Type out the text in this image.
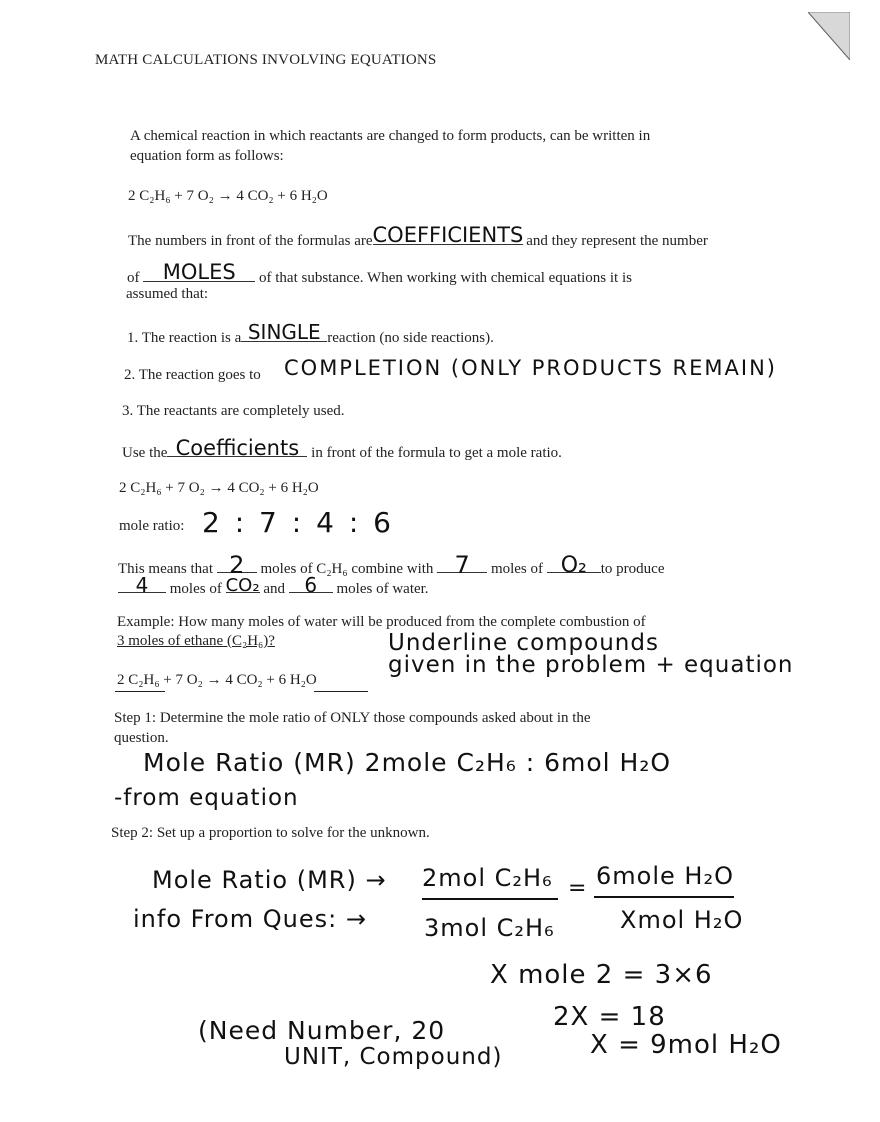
MATH CALCULATIONS INVOLVING EQUATIONS
A chemical reaction in which reactants are changed to form products, can be written in
equation form as follows:
2 C₂H₆ + 7 O₂ → 4 CO₂ + 6 H₂O
The numbers in front of the formulas are COEFFICIENTS and they represent the number
of	MOLES	of that substance. When working with chemical equations it is
assumed that:
1. The reaction is a SINGLE reaction (no side reactions).
2. The reaction goes to COMPLETION (ONLY PRODUCTS REMAIN)
3. The reactants are completely used.
Use the Coefficients in front of the formula to get a mole ratio.
2 C₂H₆ + 7 O₂ → 4 CO₂ + 6 H₂O
mole ratio: 2 : 7 : 4 : 6
This means that 2	moles of C₂H₆ combine with 7	moles of O₂ to produce
4	moles of CO₂ and 6	moles of water.
Example: How many moles of water will be produced from the complete combustion of
3 moles of ethane (C₂H₆)?	Underline compounds
given in the problem + equation
2 C₂H₆ + 7 O₂ → 4 CO₂ + 6 H₂O
Step 1: Determine the mole ratio of ONLY those compounds asked about in the
question.
Mole Ratio (MR) 2mole C₂H₆ : 6mol H₂O
-from equation
Step 2: Set up a proportion to solve for the unknown.
Mole Ratio (MR) → 2mol C₂H₆ = 6mole H₂O
info From Ques: → 3mol C₂H₆	Xmol H₂O
X mole 2 = 3×6
2X = 18
X = 9mol H₂O
(Need Number, 20
UNIT, Compound)
